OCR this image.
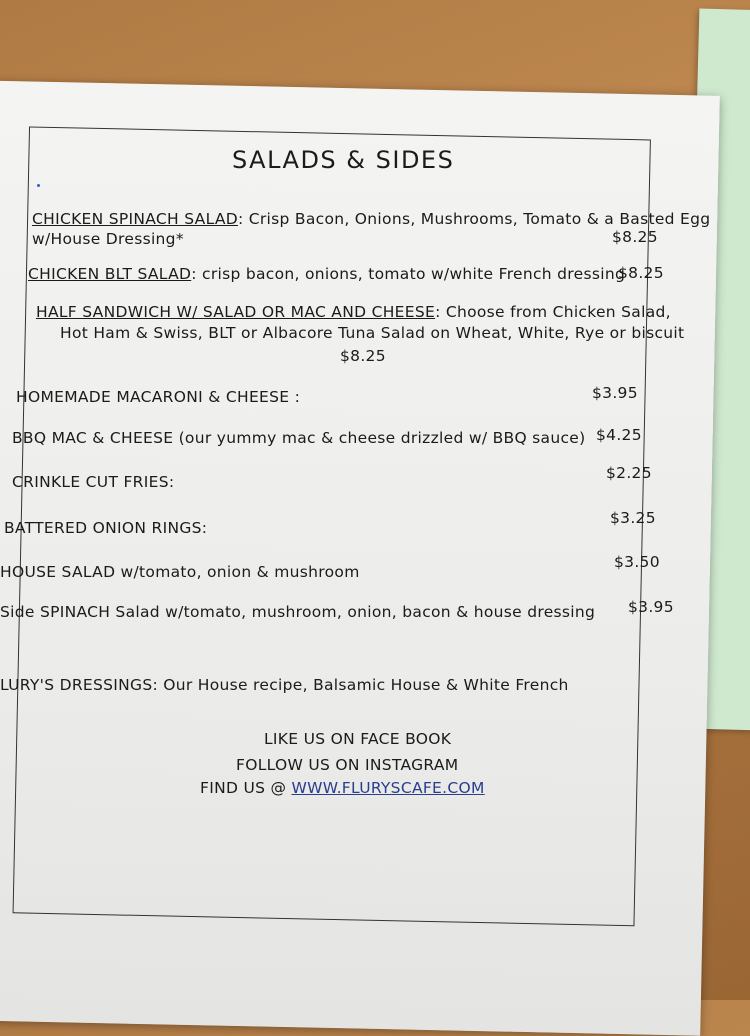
SALADS & SIDES
CHICKEN SPINACH SALAD: Crisp Bacon, Onions, Mushrooms, Tomato & a Basted Egg
w/House Dressing*	$8.25
CHICKEN BLT SALAD: crisp bacon, onions, tomato w/white French dressing
$8.25
HALF SANDWICH W/ SALAD OR MAC AND CHEESE: Choose from Chicken Salad,
Hot Ham & Swiss, BLT or Albacore Tuna Salad on Wheat, White, Rye or biscuit
$8.25
HOMEMADE MACARONI & CHEESE :	$3.95
BBQ MAC & CHEESE (our yummy mac & cheese drizzled w/ BBQ sauce) $4.25
CRINKLE CUT FRIES:	$2.25
BATTERED ONION RINGS:
$3.25
HOUSE SALAD w/tomato, onion & mushroom
$3.50
Side SPINACH Salad w/tomato, mushroom, onion, bacon & house dressing $3.95
LURY'S DRESSINGS: Our House recipe, Balsamic House & White French
LIKE US ON FACE BOOK
FOLLOW US ON INSTAGRAM
FIND US @ WWW.FLURYSCAFE.COM
